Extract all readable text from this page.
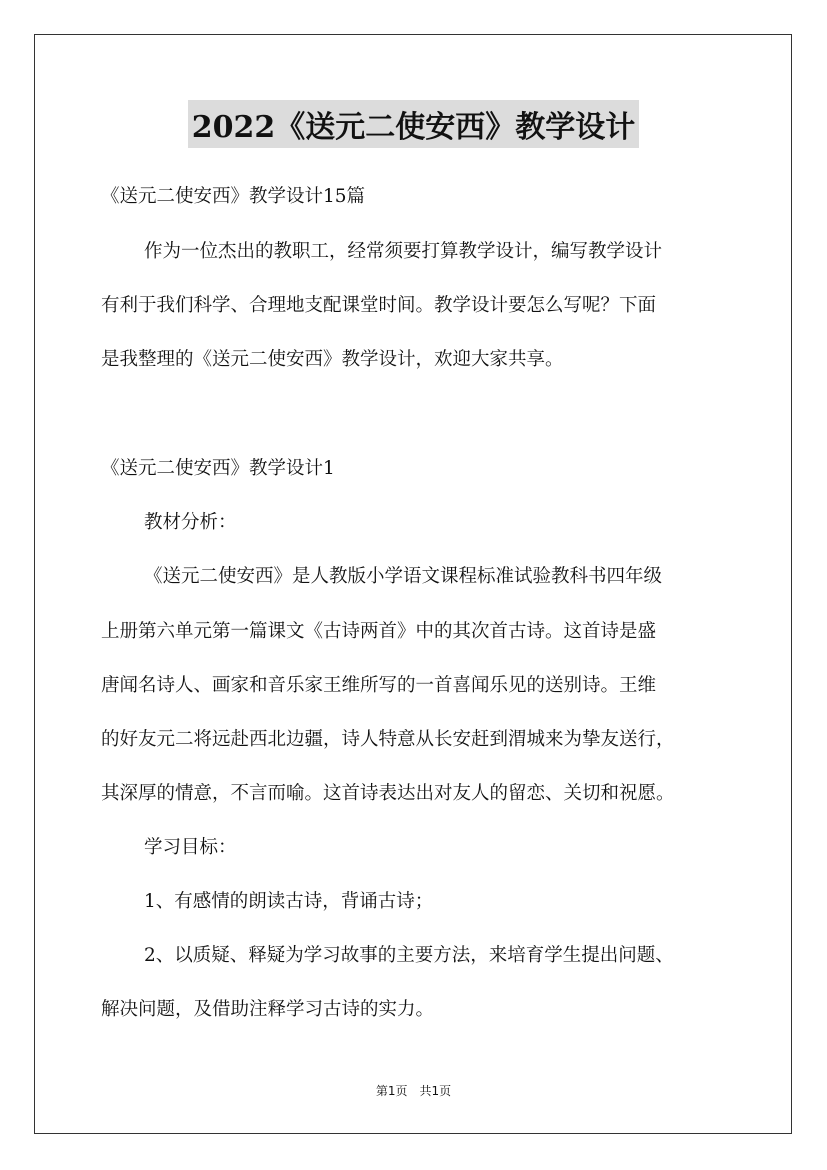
2022《送元二使安西》教学设计
《送元二使安西》教学设计15篇
作为一位杰出的教职工，经常须要打算教学设计，编写教学设计
有利于我们科学、合理地支配课堂时间。教学设计要怎么写呢？下面
是我整理的《送元二使安西》教学设计，欢迎大家共享。
《送元二使安西》教学设计1
教材分析：
《送元二使安西》是人教版小学语文课程标准试验教科书四年级
上册第六单元第一篇课文《古诗两首》中的其次首古诗。这首诗是盛
唐闻名诗人、画家和音乐家王维所写的一首喜闻乐见的送别诗。王维
的好友元二将远赴西北边疆，诗人特意从长安赶到渭城来为挚友送行，
其深厚的情意，不言而喻。这首诗表达出对友人的留恋、关切和祝愿。
学习目标：
1、有感情的朗读古诗，背诵古诗；
2、以质疑、释疑为学习故事的主要方法，来培育学生提出问题、
解决问题，及借助注释学习古诗的实力。
第1页 共1页
